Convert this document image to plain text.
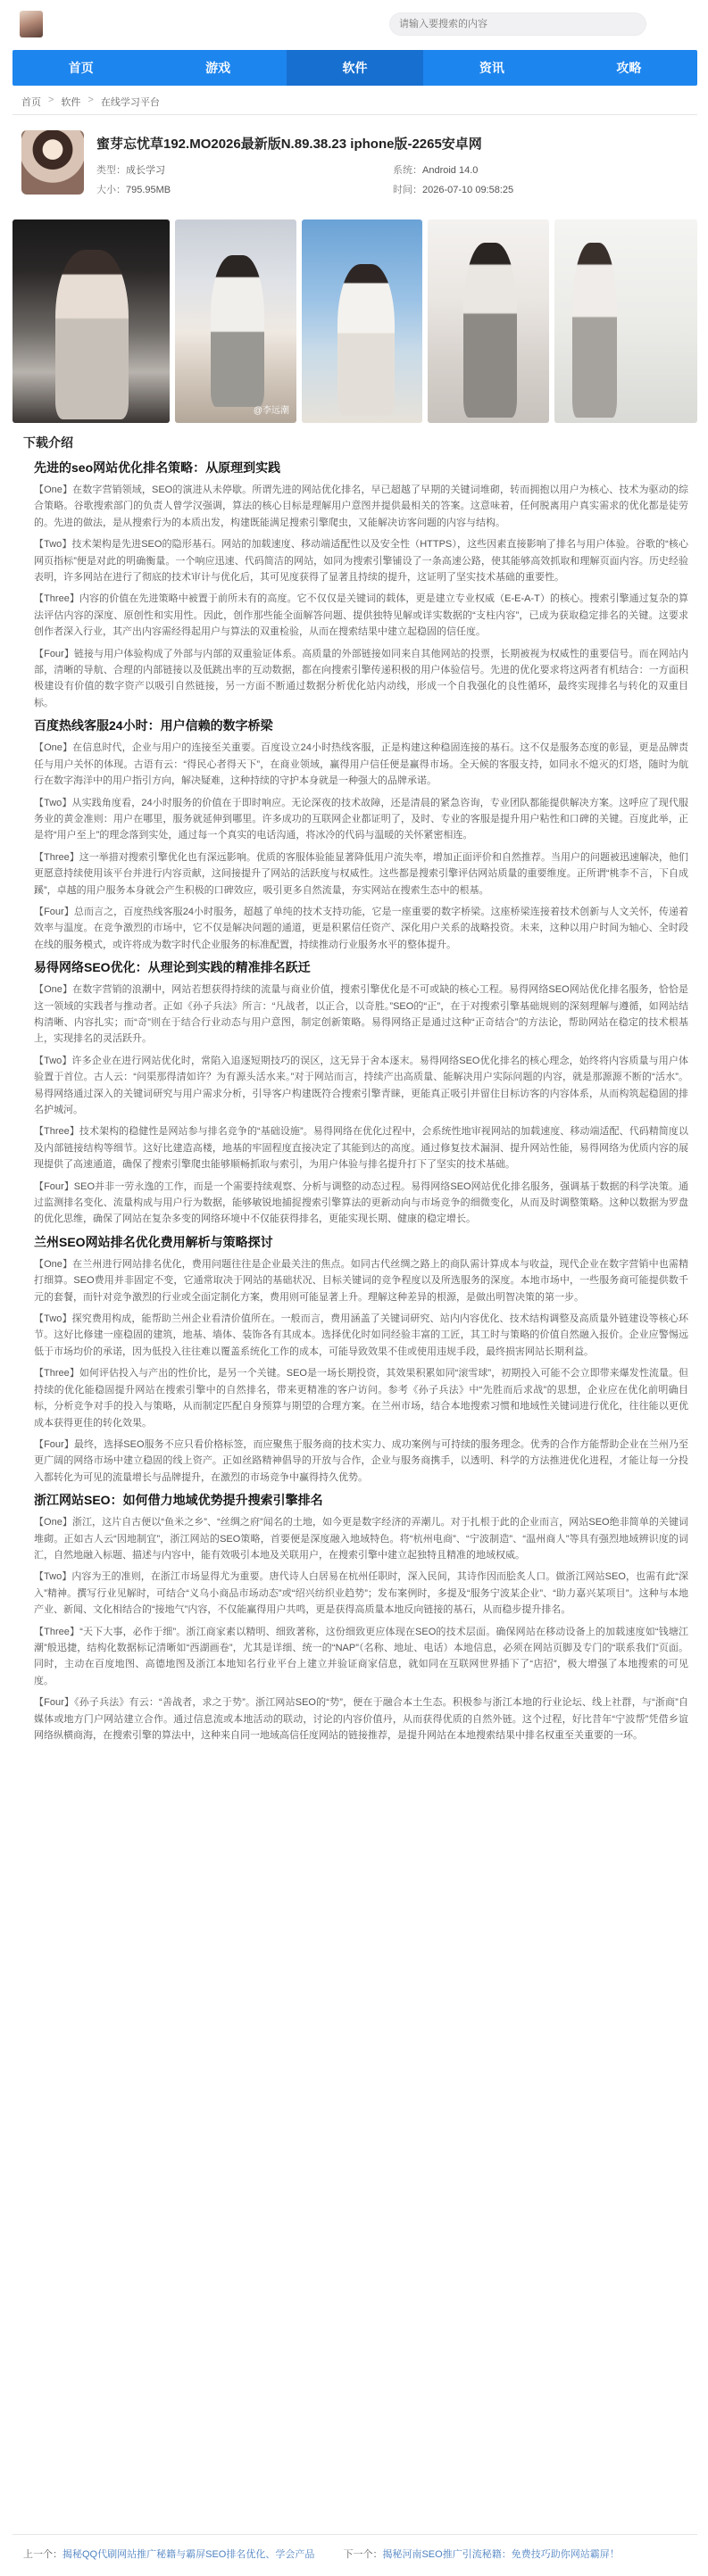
请输入要搜索的内容
首页	游戏	软件	资讯	攻略
首页 > 软件 > 在线学习平台
蜜芽忘忧草192.MO2026最新版N.89.38.23 iphone版-2265安卓网
类型：成长学习
大小：795.95MB
系统：Android 14.0
时间：2026-07-10 09:58:25
@李远潮
下载介绍
先进的seo网站优化排名策略：从原理到实践
【One】在数字营销领域，SEO的演进从未停歇。所谓先进的网站优化排名，早已超越了早期的关键词堆砌，转而拥抱以用户为核心、技术为驱动的综合策略。谷歌搜索部门的负责人曾学汉强调，算法的核心目标是理解用户意图并提供最相关的答案。这意味着，任何脱离用户真实需求的优化都是徒劳的。先进的做法，是从搜索行为的本质出发，构建既能满足搜索引擎爬虫，又能解决访客问题的内容与结构。
【Two】技术架构是先进SEO的隐形基石。网站的加载速度、移动端适配性以及安全性（HTTPS），这些因素直接影响了排名与用户体验。谷歌的“核心网页指标”便是对此的明确衡量。一个响应迅速、代码简洁的网站，如同为搜索引擎铺设了一条高速公路，使其能够高效抓取和理解页面内容。历史经验表明，许多网站在进行了彻底的技术审计与优化后，其可见度获得了显著且持续的提升，这证明了坚实技术基础的重要性。
【Three】内容的价值在先进策略中被置于前所未有的高度。它不仅仅是关键词的载体，更是建立专业权威（E-E-A-T）的核心。搜索引擎通过复杂的算法评估内容的深度、原创性和实用性。因此，创作那些能全面解答问题、提供独特见解或详实数据的“支柱内容”，已成为获取稳定排名的关键。这要求创作者深入行业，其产出内容需经得起用户与算法的双重检验，从而在搜索结果中建立起稳固的信任度。
【Four】链接与用户体验构成了外部与内部的双重验证体系。高质量的外部链接如同来自其他网站的投票，长期被视为权威性的重要信号。而在网站内部，清晰的导航、合理的内部链接以及低跳出率的互动数据，都在向搜索引擎传递积极的用户体验信号。先进的优化要求将这两者有机结合：一方面积极建设有价值的数字资产以吸引自然链接，另一方面不断通过数据分析优化站内动线，形成一个自我强化的良性循环，最终实现排名与转化的双重目标。
百度热线客服24小时：用户信赖的数字桥梁
【One】在信息时代，企业与用户的连接至关重要。百度设立24小时热线客服，正是构建这种稳固连接的基石。这不仅是服务态度的彰显，更是品牌责任与用户关怀的体现。古语有云：“得民心者得天下”，在商业领域，赢得用户信任便是赢得市场。全天候的客服支持，如同永不熄灭的灯塔，随时为航行在数字海洋中的用户指引方向，解决疑难，这种持续的守护本身就是一种强大的品牌承诺。
【Two】从实践角度看，24小时服务的价值在于即时响应。无论深夜的技术故障，还是清晨的紧急咨询，专业团队都能提供解决方案。这呼应了现代服务业的黄金准则：用户在哪里，服务就延伸到哪里。许多成功的互联网企业都证明了，及时、专业的客服是提升用户粘性和口碑的关键。百度此举，正是将“用户至上”的理念落到实处，通过每一个真实的电话沟通，将冰冷的代码与温暖的关怀紧密相连。
【Three】这一举措对搜索引擎优化也有深远影响。优质的客服体验能显著降低用户流失率，增加正面评价和自然推荐。当用户的问题被迅速解决，他们更愿意持续使用该平台并进行内容贡献，这间接提升了网站的活跃度与权威性。这些都是搜索引擎评估网站质量的重要维度。正所谓“桃李不言，下自成蹊”，卓越的用户服务本身就会产生积极的口碑效应，吸引更多自然流量，夯实网站在搜索生态中的根基。
【Four】总而言之，百度热线客服24小时服务，超越了单纯的技术支持功能，它是一座重要的数字桥梁。这座桥梁连接着技术创新与人文关怀，传递着效率与温度。在竞争激烈的市场中，它不仅是解决问题的通道，更是积累信任资产、深化用户关系的战略投资。未来，这种以用户时间为轴心、全时段在线的服务模式，或许将成为数字时代企业服务的标准配置，持续推动行业服务水平的整体提升。
易得网络SEO优化：从理论到实践的精准排名跃迁
【One】在数字营销的浪潮中，网站若想获得持续的流量与商业价值，搜索引擎优化是不可或缺的核心工程。易得网络SEO网站优化排名服务，恰恰是这一领域的实践者与推动者。正如《孙子兵法》所言：“凡战者，以正合，以奇胜。”SEO的“正”，在于对搜索引擎基础规则的深刻理解与遵循，如网站结构清晰、内容扎实；而“奇”则在于结合行业动态与用户意图，制定创新策略。易得网络正是通过这种“正奇结合”的方法论，帮助网站在稳定的技术根基上，实现排名的灵活跃升。
【Two】许多企业在进行网站优化时，常陷入追逐短期技巧的误区，这无异于舍本逐末。易得网络SEO优化排名的核心理念，始终将内容质量与用户体验置于首位。古人云：“问渠那得清如许？为有源头活水来。”对于网站而言，持续产出高质量、能解决用户实际问题的内容，就是那源源不断的“活水”。易得网络通过深入的关键词研究与用户需求分析，引导客户构建既符合搜索引擎青睐，更能真正吸引并留住目标访客的内容体系，从而构筑起稳固的排名护城河。
【Three】技术架构的稳健性是网站参与排名竞争的“基础设施”。易得网络在优化过程中，会系统性地审视网站的加载速度、移动端适配、代码精简度以及内部链接结构等细节。这好比建造高楼，地基的牢固程度直接决定了其能到达的高度。通过修复技术漏洞、提升网站性能，易得网络为优质内容的展现提供了高速通道，确保了搜索引擎爬虫能够顺畅抓取与索引，为用户体验与排名提升打下了坚实的技术基础。
【Four】SEO并非一劳永逸的工作，而是一个需要持续观察、分析与调整的动态过程。易得网络SEO网站优化排名服务，强调基于数据的科学决策。通过监测排名变化、流量构成与用户行为数据，能够敏锐地捕捉搜索引擎算法的更新动向与市场竞争的细微变化，从而及时调整策略。这种以数据为罗盘的优化思维，确保了网站在复杂多变的网络环境中不仅能获得排名，更能实现长期、健康的稳定增长。
兰州SEO网站排名优化费用解析与策略探讨
【One】在兰州进行网站排名优化，费用问题往往是企业最关注的焦点。如同古代丝绸之路上的商队需计算成本与收益，现代企业在数字营销中也需精打细算。SEO费用并非固定不变，它通常取决于网站的基础状况、目标关键词的竞争程度以及所选服务的深度。本地市场中，一些服务商可能提供数千元的套餐，而针对竞争激烈的行业或全面定制化方案，费用则可能显著上升。理解这种差异的根源，是做出明智决策的第一步。
【Two】探究费用构成，能帮助兰州企业看清价值所在。一般而言，费用涵盖了关键词研究、站内内容优化、技术结构调整及高质量外链建设等核心环节。这好比修建一座稳固的建筑，地基、墙体、装饰各有其成本。选择优化时如同经验丰富的工匠，其工时与策略的价值自然融入报价。企业应警惕远低于市场均价的承诺，因为低投入往往难以覆盖系统化工作的成本，可能导致效果不佳或使用违规手段，最终损害网站长期利益。
【Three】如何评估投入与产出的性价比，是另一个关键。SEO是一场长期投资，其效果积累如同“滚雪球”，初期投入可能不会立即带来爆发性流量。但持续的优化能稳固提升网站在搜索引擎中的自然排名，带来更精准的客户访问。参考《孙子兵法》中“先胜而后求战”的思想，企业应在优化前明确目标，分析竞争对手的投入与策略，从而制定匹配自身预算与期望的合理方案。在兰州市场，结合本地搜索习惯和地域性关键词进行优化，往往能以更优成本获得更佳的转化效果。
【Four】最终，选择SEO服务不应只看价格标签，而应聚焦于服务商的技术实力、成功案例与可持续的服务理念。优秀的合作方能帮助企业在兰州乃至更广阔的网络市场中建立稳固的线上资产。正如丝路精神倡导的开放与合作，企业与服务商携手，以透明、科学的方法推进优化进程，才能让每一分投入都转化为可见的流量增长与品牌提升，在激烈的市场竞争中赢得持久优势。
浙江网站SEO：如何借力地域优势提升搜索引擎排名
【One】浙江，这片自古便以“鱼米之乡”、“丝绸之府”闻名的土地，如今更是数字经济的弄潮儿。对于扎根于此的企业而言，网站SEO绝非简单的关键词堆砌。正如古人云“因地制宜”，浙江网站的SEO策略，首要便是深度融入地域特色。将“杭州电商”、“宁波制造”、“温州商人”等具有强烈地域辨识度的词汇，自然地融入标题、描述与内容中，能有效吸引本地及关联用户，在搜索引擎中建立起独特且精准的地域权威。
【Two】内容为王的准则，在浙江市场显得尤为重要。唐代诗人白居易在杭州任职时，深入民间，其诗作因而脍炙人口。做浙江网站SEO，也需有此“深入”精神。撰写行业见解时，可结合“义乌小商品市场动态”或“绍兴纺织业趋势”；发布案例时，多提及“服务宁波某企业”、“助力嘉兴某项目”。这种与本地产业、新闻、文化相结合的“接地气”内容，不仅能赢得用户共鸣，更是获得高质量本地反向链接的基石，从而稳步提升排名。
【Three】“天下大事，必作于细”。浙江商家素以精明、细致著称，这份细致更应体现在SEO的技术层面。确保网站在移动设备上的加载速度如“钱塘江潮”般迅捷，结构化数据标记清晰如“西湖画卷”，尤其是详细、统一的“NAP”（名称、地址、电话）本地信息，必须在网站页脚及专门的“联系我们”页面。同时，主动在百度地图、高德地图及浙江本地知名行业平台上建立并验证商家信息，就如同在互联网世界插下了“店招”，极大增强了本地搜索的可见度。
【Four】《孙子兵法》有云：“善战者，求之于势”。浙江网站SEO的“势”，便在于融合本土生态。积极参与浙江本地的行业论坛、线上社群，与“浙商”自媒体或地方门户网站建立合作。通过信息流或本地活动的联动，讨论的内容价值丹，从而获得优质的自然外链。这个过程，好比昔年“宁波帮”凭借乡谊网络纵横商海，在搜索引擎的算法中，这种来自同一地域高信任度网站的链接推荐，是提升网站在本地搜索结果中排名权重至关重要的一环。
上一个：揭秘QQ代刷网站推广秘籍与霸屏SEO排名优化、学会产品	下一个：揭秘河南SEO推广引流秘籍：免费技巧助你网站霸屏！
